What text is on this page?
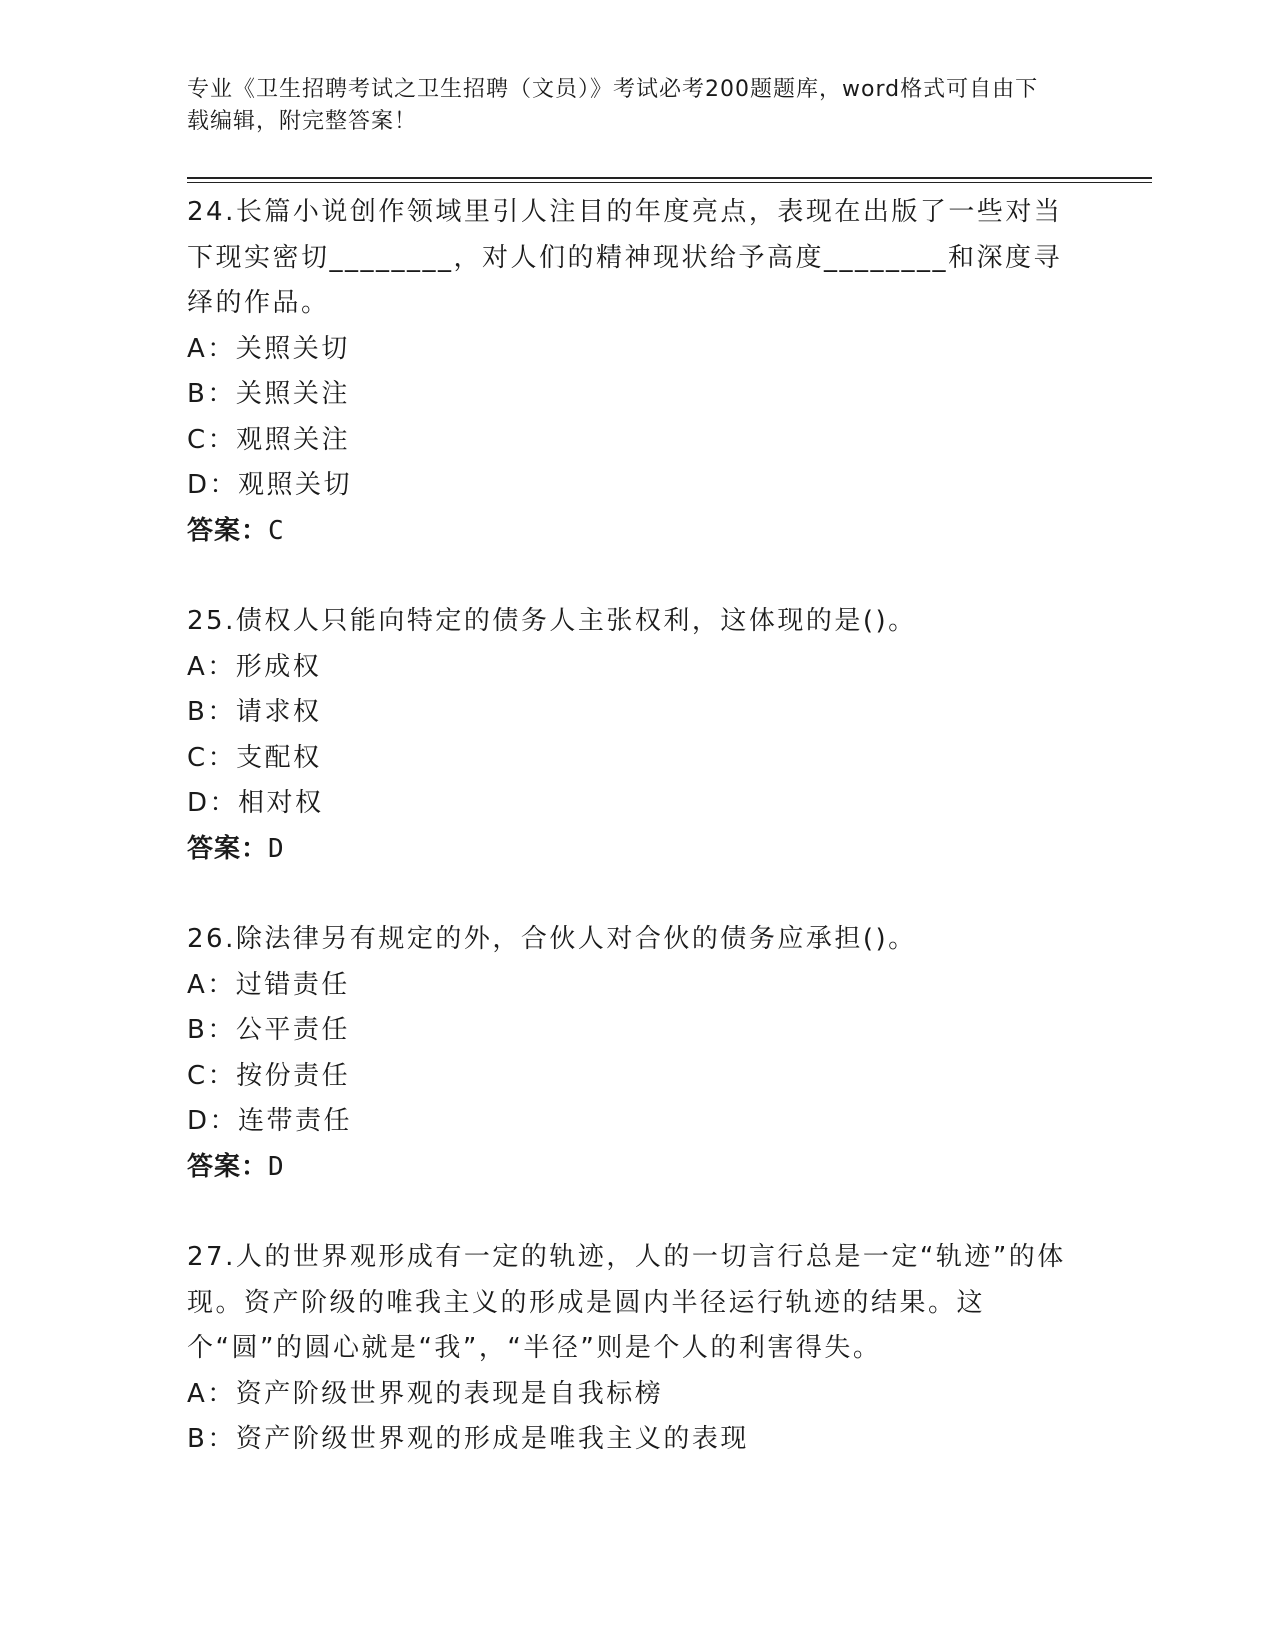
专业《卫生招聘考试之卫生招聘（文员）》考试必考200题题库，word格式可自由下载编辑，附完整答案！

24.长篇小说创作领域里引人注目的年度亮点，表现在出版了一些对当下现实密切________，对人们的精神现状给予高度________和深度寻绎的作品。

A：关照关切
B：关照关注
C：观照关注
D：观照关切
答案：C

25.债权人只能向特定的债务人主张权利，这体现的是()。

A：形成权
B：请求权
C：支配权
D：相对权
答案：D

26.除法律另有规定的外，合伙人对合伙的债务应承担()。

A：过错责任
B：公平责任
C：按份责任
D：连带责任
答案：D

27.人的世界观形成有一定的轨迹，人的一切言行总是一定“轨迹”的体现。资产阶级的唯我主义的形成是圆内半径运行轨迹的结果。这个“圆”的圆心就是“我”，“半径”则是个人的利害得失。

A：资产阶级世界观的表现是自我标榜
B：资产阶级世界观的形成是唯我主义的表现
